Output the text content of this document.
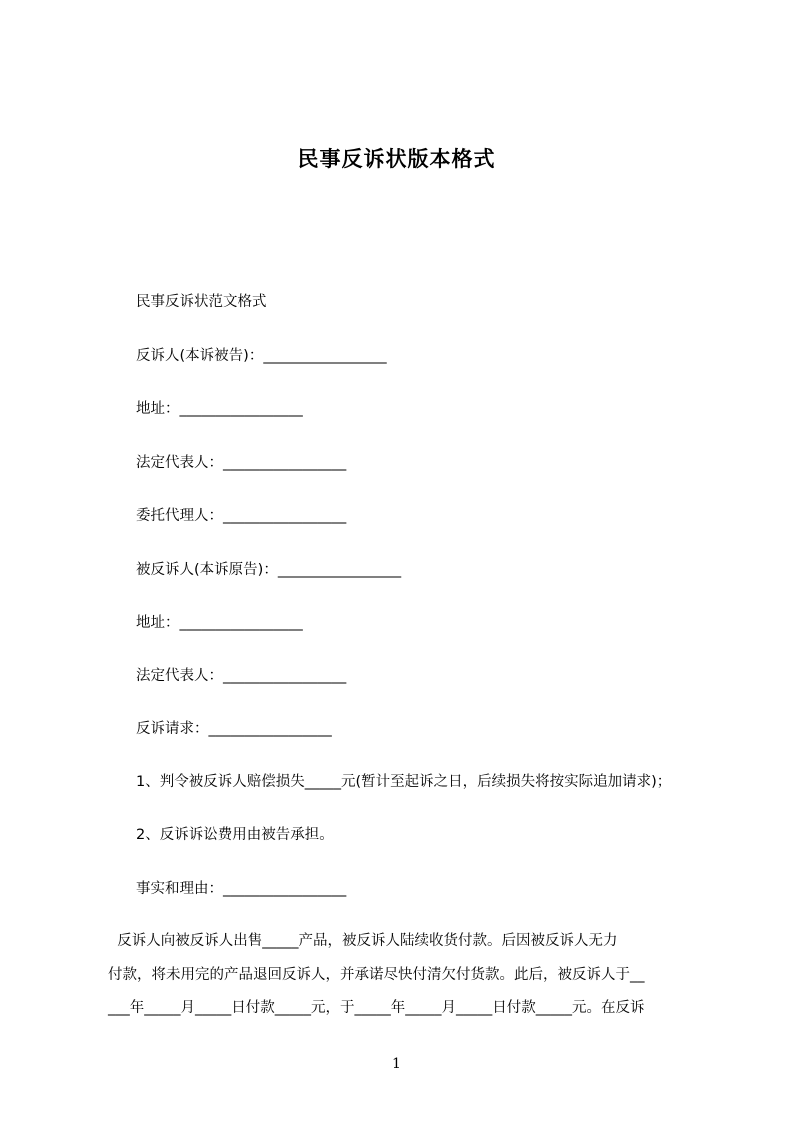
民事反诉状版本格式
民事反诉状范文格式
反诉人(本诉被告)：_________________
地址：_________________
法定代表人：_________________
委托代理人：_________________
被反诉人(本诉原告)：_________________
地址：_________________
法定代表人：_________________
反诉请求：_________________
1、判令被反诉人赔偿损失_____元(暂计至起诉之日，后续损失将按实际追加请求)；
2、反诉诉讼费用由被告承担。
事实和理由：_________________
反诉人向被反诉人出售_____产品，被反诉人陆续收货付款。后因被反诉人无力
付款，将未用完的产品退回反诉人，并承诺尽快付清欠付货款。此后，被反诉人于__
___年_____月_____日付款_____元，于_____年_____月_____日付款_____元。在反诉
1
